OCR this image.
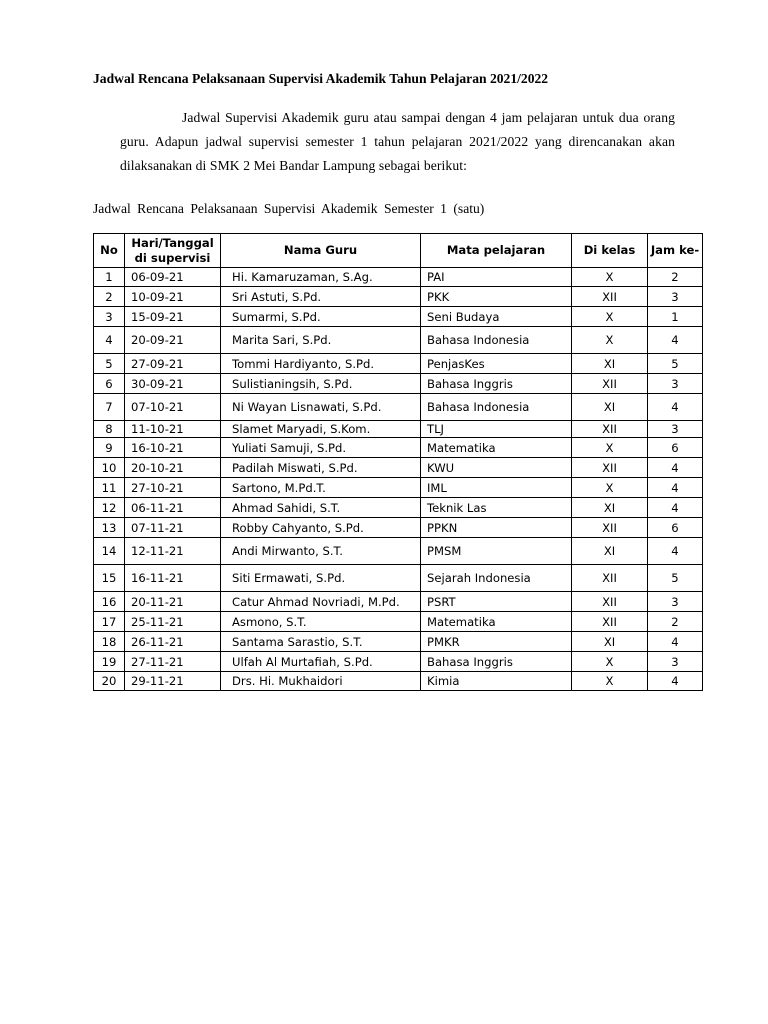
Jadwal Rencana Pelaksanaan Supervisi Akademik Tahun Pelajaran 2021/2022
Jadwal Supervisi Akademik guru atau sampai dengan 4 jam pelajaran untuk dua orang guru. Adapun jadwal supervisi semester 1 tahun pelajaran 2021/2022 yang direncanakan akan dilaksanakan di SMK 2 Mei Bandar Lampung sebagai berikut:
Jadwal Rencana Pelaksanaan Supervisi Akademik Semester 1 (satu)
No	Hari/Tanggal di supervisi	Nama Guru	Mata pelajaran	Di kelas	Jam ke-

1	06-09-21	Hi. Kamaruzaman, S.Ag.	PAI	X	2
2	10-09-21	Sri Astuti, S.Pd.	PKK	XII	3
3	15-09-21	Sumarmi, S.Pd.	Seni Budaya	X	1
4	20-09-21	Marita Sari, S.Pd.	Bahasa Indonesia	X	4
5	27-09-21	Tommi Hardiyanto, S.Pd.	PenjasKes	XI	5
6	30-09-21	Sulistianingsih, S.Pd.	Bahasa Inggris	XII	3
7	07-10-21	Ni Wayan Lisnawati, S.Pd.	Bahasa Indonesia	XI	4
8	11-10-21	Slamet Maryadi, S.Kom.	TLJ	XII	3
9	16-10-21	Yuliati Samuji, S.Pd.	Matematika	X	6
10	20-10-21	Padilah Miswati, S.Pd.	KWU	XII	4
11	27-10-21	Sartono, M.Pd.T.	IML	X	4
12	06-11-21	Ahmad Sahidi, S.T.	Teknik Las	XI	4
13	07-11-21	Robby Cahyanto, S.Pd.	PPKN	XII	6
14	12-11-21	Andi Mirwanto, S.T.	PMSM	XI	4
15	16-11-21	Siti Ermawati, S.Pd.	Sejarah Indonesia	XII	5
16	20-11-21	Catur Ahmad Novriadi, M.Pd.	PSRT	XII	3
17	25-11-21	Asmono, S.T.	Matematika	XII	2
18	26-11-21	Santama Sarastio, S.T.	PMKR	XI	4
19	27-11-21	Ulfah Al Murtafiah, S.Pd.	Bahasa Inggris	X	3
20	29-11-21	Drs. Hi. Mukhaidori	Kimia	X	4
